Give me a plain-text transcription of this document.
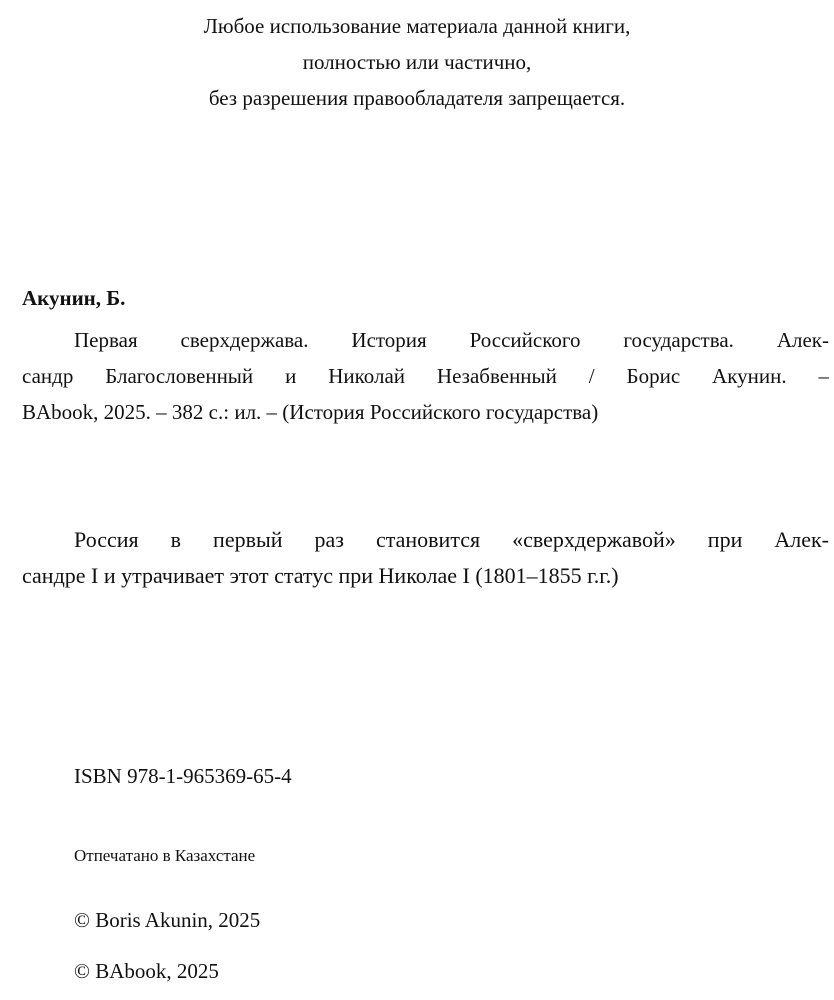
Любое использование материала данной книги,
полностью или частично,
без разрешения правообладателя запрещается.
Акунин, Б.
Первая сверхдержава. История Российского государства. Алек-
сандр Благословенный и Николай Незабвенный / Борис Акунин. –
BAbook, 2025. – 382 с.: ил. – (История Российского государства)
Россия в первый раз становится «сверхдержавой» при Алек-
сандре I и утрачивает этот статус при Николае I (1801–1855 г.г.)
ISBN 978-1-965369-65-4
Отпечатано в Казахстане
© Boris Akunin, 2025
© BAbook, 2025
